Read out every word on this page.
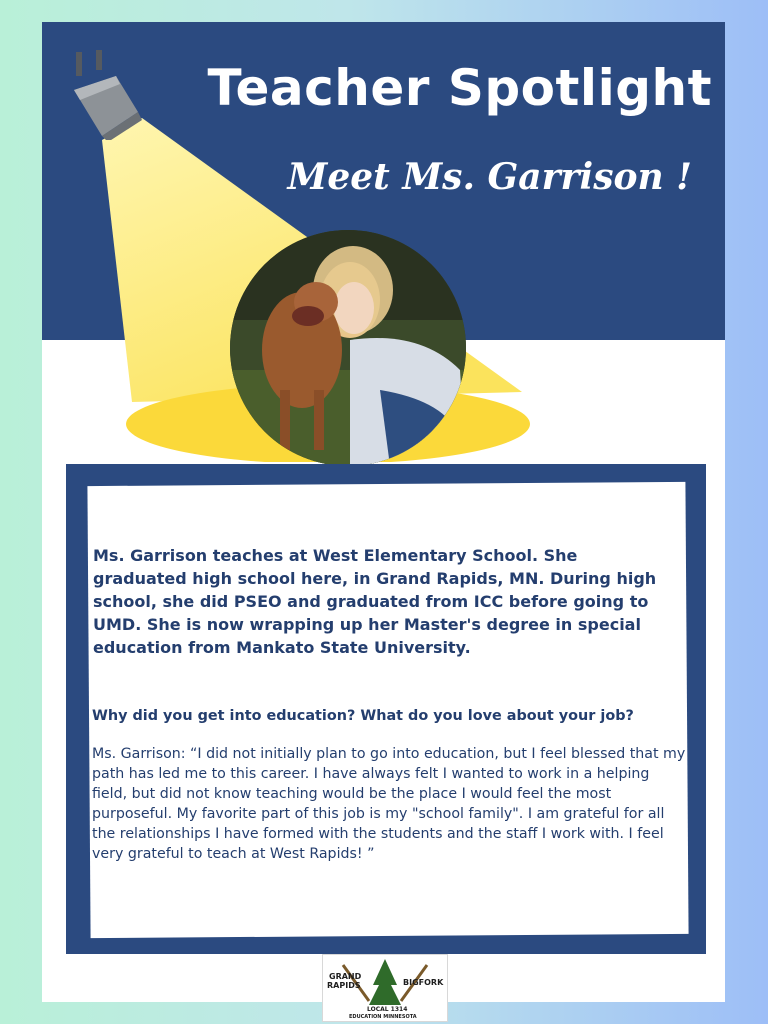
Teacher Spotlight
Meet Ms. Garrison !
Ms. Garrison teaches at West Elementary School. She graduated high school here, in Grand Rapids, MN. During high school, she did PSEO and graduated from ICC before going to UMD. She is now wrapping up her Master's degree in special education from Mankato State University.
Why did you get into education? What do you love about your job?
Ms. Garrison: “I did not initially plan to go into education, but I feel blessed that my path has led me to this career. I have always felt I wanted to work in a helping field, but did not know teaching would be the place I would feel the most purposeful. My favorite part of this job is my "school family". I am grateful for all the relationships I have formed with the students and the staff I work with. I feel very grateful to teach at West Rapids! ”
GRAND
RAPIDS	BIGFORK
LOCAL 1314
EDUCATION MINNESOTA
